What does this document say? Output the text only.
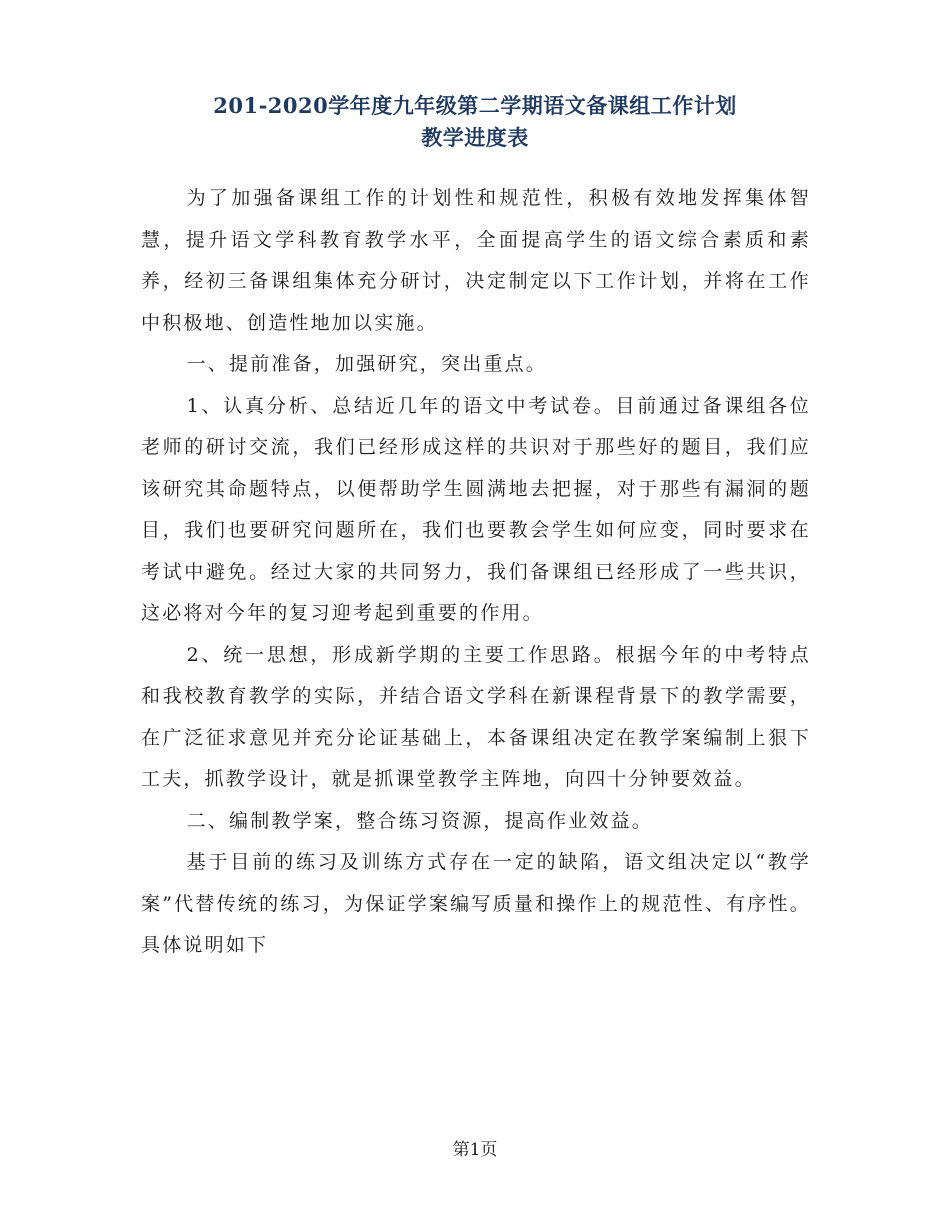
201-2020学年度九年级第二学期语文备课组工作计划
教学进度表

为了加强备课组工作的计划性和规范性，积极有效地发挥集体智慧，提升语文学科教育教学水平，全面提高学生的语文综合素质和素养，经初三备课组集体充分研讨，决定制定以下工作计划，并将在工作中积极地、创造性地加以实施。

一、提前准备，加强研究，突出重点。

1、认真分析、总结近几年的语文中考试卷。目前通过备课组各位老师的研讨交流，我们已经形成这样的共识对于那些好的题目，我们应该研究其命题特点，以便帮助学生圆满地去把握，对于那些有漏洞的题目，我们也要研究问题所在，我们也要教会学生如何应变，同时要求在考试中避免。经过大家的共同努力，我们备课组已经形成了一些共识，这必将对今年的复习迎考起到重要的作用。

2、统一思想，形成新学期的主要工作思路。根据今年的中考特点和我校教育教学的实际，并结合语文学科在新课程背景下的教学需要，在广泛征求意见并充分论证基础上，本备课组决定在教学案编制上狠下工夫，抓教学设计，就是抓课堂教学主阵地，向四十分钟要效益。

二、编制教学案，整合练习资源，提高作业效益。

基于目前的练习及训练方式存在一定的缺陷，语文组决定以“教学案”代替传统的练习，为保证学案编写质量和操作上的规范性、有序性。具体说明如下

第1页
